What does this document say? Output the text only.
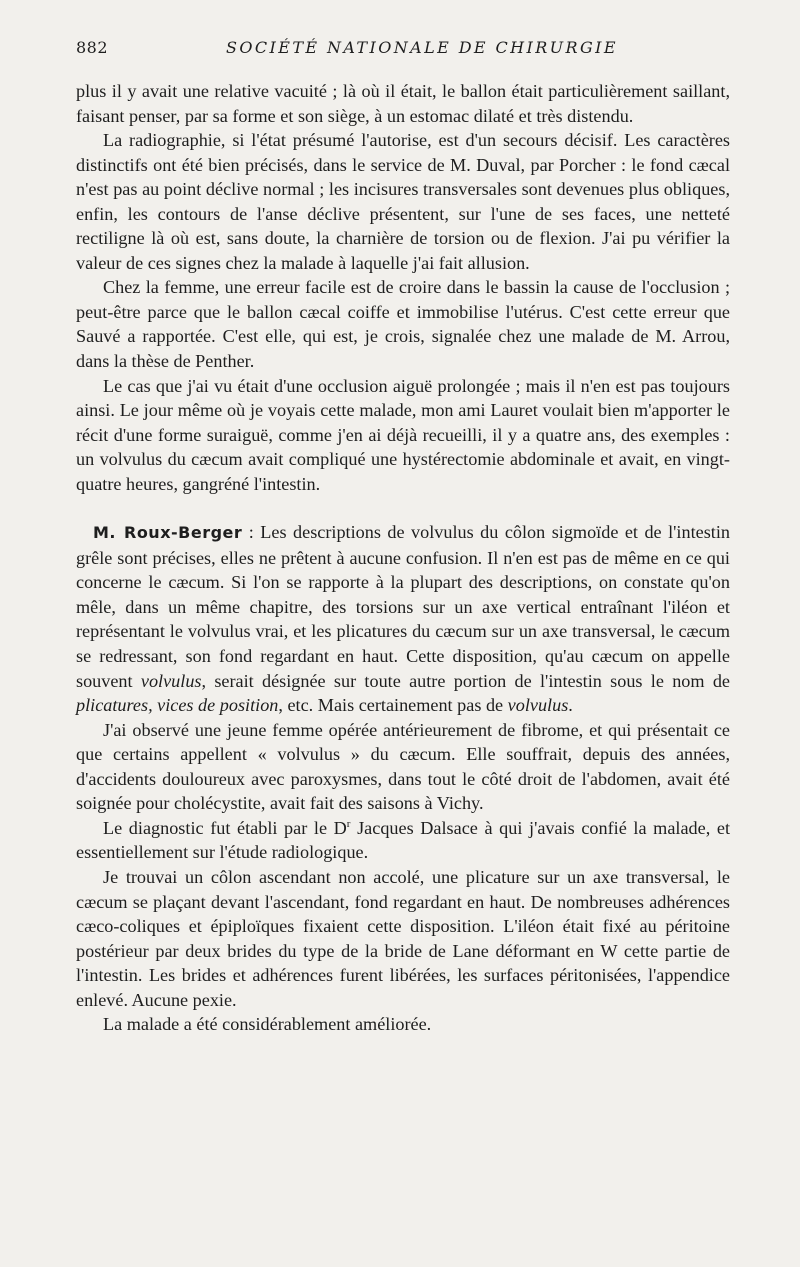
882	SOCIÉTÉ NATIONALE DE CHIRURGIE

plus il y avait une relative vacuité ; là où il était, le ballon était particulièrement saillant, faisant penser, par sa forme et son siège, à un estomac dilaté et très distendu.

La radiographie, si l'état présumé l'autorise, est d'un secours décisif. Les caractères distinctifs ont été bien précisés, dans le service de M. Duval, par Porcher : le fond cæcal n'est pas au point déclive normal ; les incisures transversales sont devenues plus obliques, enfin, les contours de l'anse déclive présentent, sur l'une de ses faces, une netteté rectiligne là où est, sans doute, la charnière de torsion ou de flexion. J'ai pu vérifier la valeur de ces signes chez la malade à laquelle j'ai fait allusion.

Chez la femme, une erreur facile est de croire dans le bassin la cause de l'occlusion ; peut-être parce que le ballon cæcal coiffe et immobilise l'utérus. C'est cette erreur que Sauvé a rapportée. C'est elle, qui est, je crois, signalée chez une malade de M. Arrou, dans la thèse de Penther.

Le cas que j'ai vu était d'une occlusion aiguë prolongée ; mais il n'en est pas toujours ainsi. Le jour même où je voyais cette malade, mon ami Lauret voulait bien m'apporter le récit d'une forme suraiguë, comme j'en ai déjà recueilli, il y a quatre ans, des exemples : un volvulus du cæcum avait compliqué une hystérectomie abdominale et avait, en vingt-quatre heures, gangréné l'intestin.

M. Roux-Berger : Les descriptions de volvulus du côlon sigmoïde et de l'intestin grêle sont précises, elles ne prêtent à aucune confusion. Il n'en est pas de même en ce qui concerne le cæcum. Si l'on se rapporte à la plupart des descriptions, on constate qu'on mêle, dans un même chapitre, des torsions sur un axe vertical entraînant l'iléon et représentant le volvulus vrai, et les plicatures du cæcum sur un axe transversal, le cæcum se redressant, son fond regardant en haut. Cette disposition, qu'au cæcum on appelle souvent volvulus, serait désignée sur toute autre portion de l'intestin sous le nom de plicatures, vices de position, etc. Mais certainement pas de volvulus.

J'ai observé une jeune femme opérée antérieurement de fibrome, et qui présentait ce que certains appellent « volvulus » du cæcum. Elle souffrait, depuis des années, d'accidents douloureux avec paroxysmes, dans tout le côté droit de l'abdomen, avait été soignée pour cholécystite, avait fait des saisons à Vichy.

Le diagnostic fut établi par le $D^r$ Jacques Dalsace à qui j'avais confié la malade, et essentiellement sur l'étude radiologique.

Je trouvai un côlon ascendant non accolé, une plicature sur un axe transversal, le cæcum se plaçant devant l'ascendant, fond regardant en haut. De nombreuses adhérences cæco-coliques et épiploïques fixaient cette disposition. L'iléon était fixé au péritoine postérieur par deux brides du type de la bride de Lane déformant en W cette partie de l'intestin. Les brides et adhérences furent libérées, les surfaces péritonisées, l'appendice enlevé. Aucune pexie.

La malade a été considérablement améliorée.
